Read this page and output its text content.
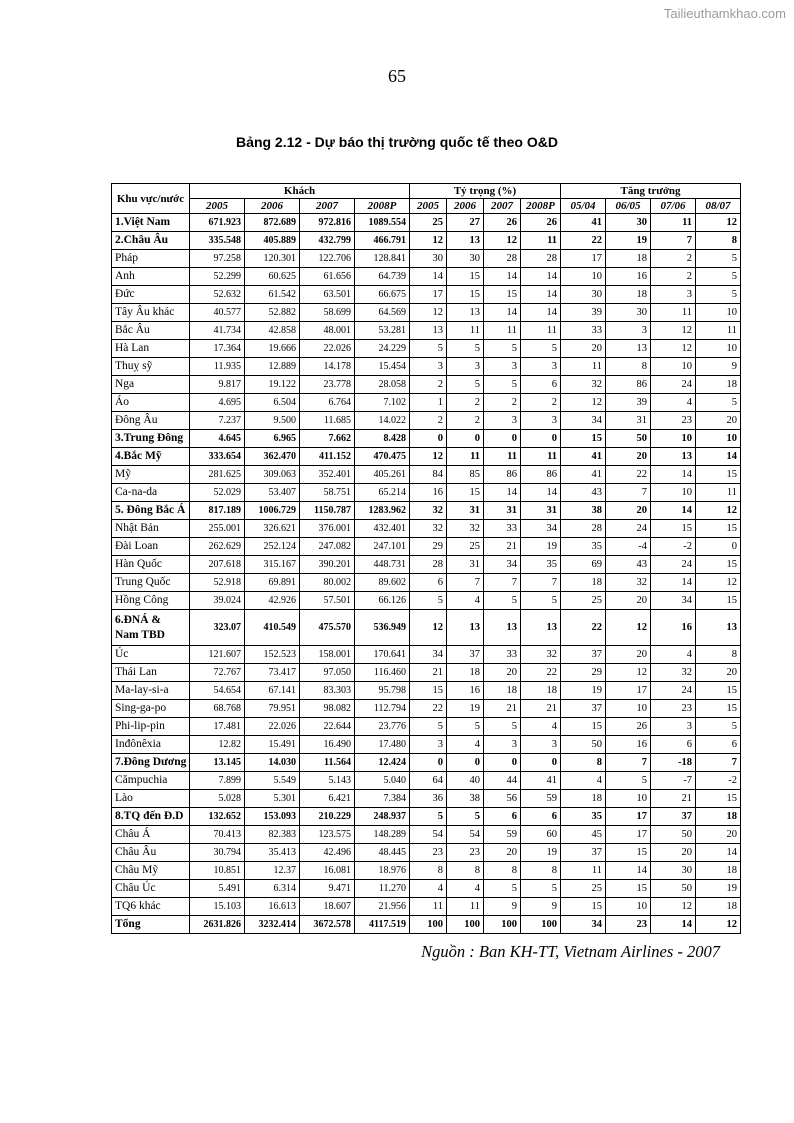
Tailieuthamkhao.com
65
Bảng 2.12 - Dự báo thị trường quốc tế theo O&D
Khu vực/nước	Khách				Tỷ trọng (%)				Tăng trưởng			
	2005	2006	2007	2008P	2005	2006	2007	2008P	05/04	06/05	07/06	08/07
1.Việt Nam	671.923	872.689	972.816	1089.554	25	27	26	26	41	30	11	12
2.Châu Âu	335.548	405.889	432.799	466.791	12	13	12	11	22	19	7	8
Pháp	97.258	120.301	122.706	128.841	30	30	28	28	17	18	2	5
Anh	52.299	60.625	61.656	64.739	14	15	14	14	10	16	2	5
Đức	52.632	61.542	63.501	66.675	17	15	15	14	30	18	3	5
Tây Âu khác	40.577	52.882	58.699	64.569	12	13	14	14	39	30	11	10
Bắc Âu	41.734	42.858	48.001	53.281	13	11	11	11	33	3	12	11
Hà Lan	17.364	19.666	22.026	24.229	5	5	5	5	20	13	12	10
Thuỵ sỹ	11.935	12.889	14.178	15.454	3	3	3	3	11	8	10	9
Nga	9.817	19.122	23.778	28.058	2	5	5	6	32	86	24	18
Áo	4.695	6.504	6.764	7.102	1	2	2	2	12	39	4	5
Đông Âu	7.237	9.500	11.685	14.022	2	2	3	3	34	31	23	20
3.Trung Đông	4.645	6.965	7.662	8.428	0	0	0	0	15	50	10	10
4.Bắc Mỹ	333.654	362.470	411.152	470.475	12	11	11	11	41	20	13	14
Mỹ	281.625	309.063	352.401	405.261	84	85	86	86	41	22	14	15
Ca-na-da	52.029	53.407	58.751	65.214	16	15	14	14	43	7	10	11
5. Đông Bắc Á	817.189	1006.729	1150.787	1283.962	32	31	31	31	38	20	14	12
Nhật Bản	255.001	326.621	376.001	432.401	32	32	33	34	28	24	15	15
Đài Loan	262.629	252.124	247.082	247.101	29	25	21	19	35	-4	-2	0
Hàn Quốc	207.618	315.167	390.201	448.731	28	31	34	35	69	43	24	15
Trung Quốc	52.918	69.891	80.002	89.602	6	7	7	7	18	32	14	12
Hồng Công	39.024	42.926	57.501	66.126	5	4	5	5	25	20	34	15
6.ĐNÁ & Nam TBD	323.07	410.549	475.570	536.949	12	13	13	13	22	12	16	13
Úc	121.607	152.523	158.001	170.641	34	37	33	32	37	20	4	8
Thái Lan	72.767	73.417	97.050	116.460	21	18	20	22	29	12	32	20
Ma-lay-si-a	54.654	67.141	83.303	95.798	15	16	18	18	19	17	24	15
Sing-ga-po	68.768	79.951	98.082	112.794	22	19	21	21	37	10	23	15
Phi-lip-pin	17.481	22.026	22.644	23.776	5	5	5	4	15	26	3	5
Inđônêxia	12.82	15.491	16.490	17.480	3	4	3	3	50	16	6	6
7.Đông Dương	13.145	14.030	11.564	12.424	0	0	0	0	8	7	-18	7
Cămpuchia	7.899	5.549	5.143	5.040	64	40	44	41	4	5	-7	-2
Lào	5.028	5.301	6.421	7.384	36	38	56	59	18	10	21	15
8.TQ đến Đ.D	132.652	153.093	210.229	248.937	5	5	6	6	35	17	37	18
Châu Á	70.413	82.383	123.575	148.289	54	54	59	60	45	17	50	20
Châu Âu	30.794	35.413	42.496	48.445	23	23	20	19	37	15	20	14
Châu Mỹ	10.851	12.37	16.081	18.976	8	8	8	8	11	14	30	18
Châu Úc	5.491	6.314	9.471	11.270	4	4	5	5	25	15	50	19
TQ6 khác	15.103	16.613	18.607	21.956	11	11	9	9	15	10	12	18
Tổng	2631.826	3232.414	3672.578	4117.519	100	100	100	100	34	23	14	12
Nguồn : Ban KH-TT, Vietnam Airlines - 2007
